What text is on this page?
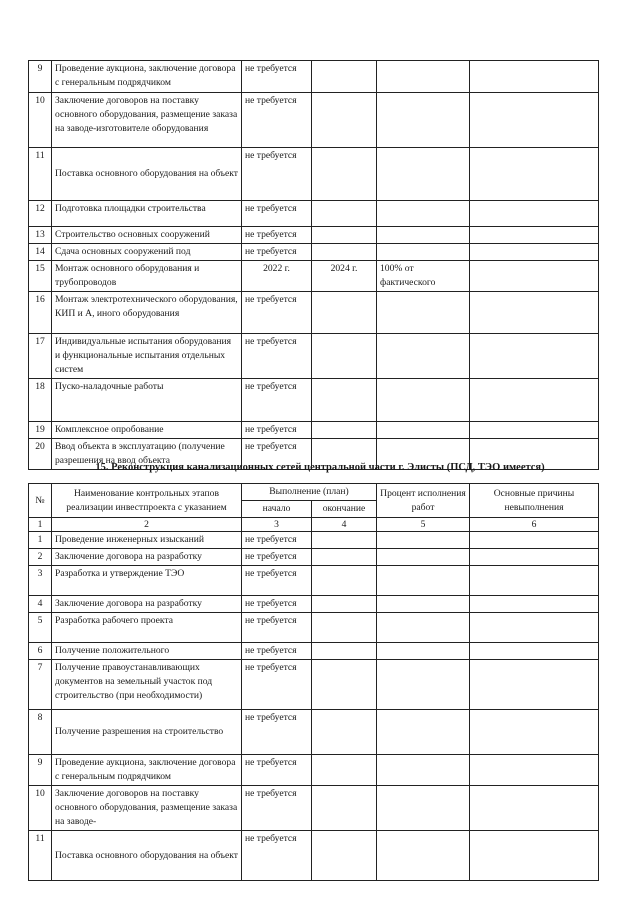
9	Проведение аукциона, заключение договора с генеральным подрядчиком	не требуется			
10	Заключение договоров на поставку основного оборудования, размещение заказа на заводе-изготовителе оборудования	не требуется			
11	Поставка основного оборудования на объект	не требуется			
12	Подготовка площадки строительства	не требуется			
13	Строительство основных сооружений	не требуется			
14	Сдача основных сооружений под	не требуется			
15	Монтаж основного оборудования и трубопроводов	2022 г.	2024 г.	100% от фактического	
16	Монтаж электротехнического оборудования, КИП и А, иного оборудования	не требуется			
17	Индивидуальные испытания оборудования и функциональные испытания отдельных систем	не требуется			
18	Пуско-наладочные работы	не требуется			
19	Комплексное опробование	не требуется			
20	Ввод объекта в эксплуатацию (получение разрешения на ввод объекта	не требуется			
15. Реконструкция канализационных сетей центральной части г. Элисты (ПСД, ТЭО имеется)
№	Наименование контрольных этапов реализации инвестпроекта с указанием	Выполнение (план)		Процент исполнения работ	Основные причины невыполнения
		начало	окончание		
1	2	3	4	5	6
1	Проведение инженерных изысканий	не требуется			
2	Заключение договора на разработку	не требуется			
3	Разработка и утверждение ТЭО	не требуется			
4	Заключение договора на разработку	не требуется			
5	Разработка рабочего проекта	не требуется			
6	Получение положительного	не требуется			
7	Получение правоустанавливающих документов на земельный участок под строительство (при необходимости)	не требуется			
8	Получение разрешения на строительство	не требуется			
9	Проведение аукциона, заключение договора с генеральным подрядчиком	не требуется			
10	Заключение договоров на поставку основного оборудования, размещение заказа на заводе-	не требуется			
11	Поставка основного оборудования на объект	не требуется			
